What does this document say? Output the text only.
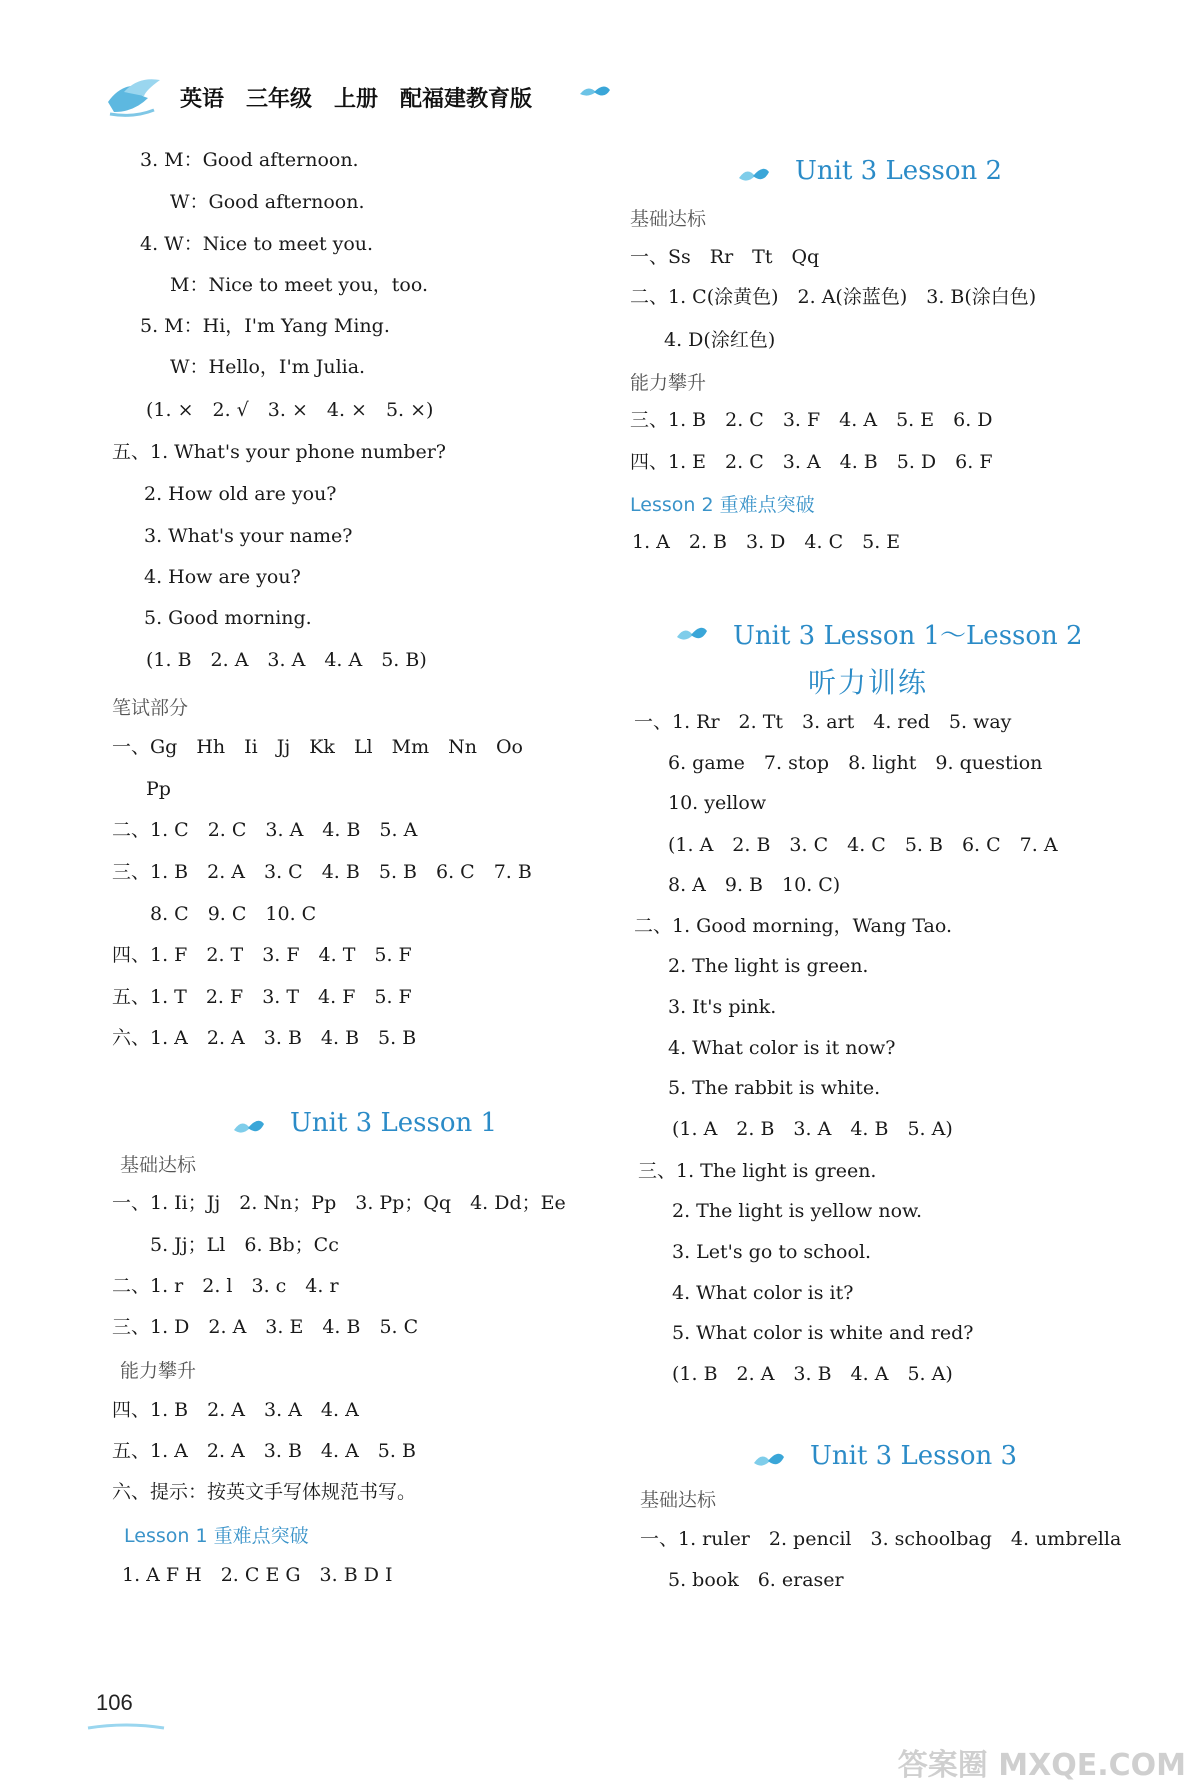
英语　三年级　上册　配福建教育版
3. M：Good afternoon.
W：Good afternoon.
4. W：Nice to meet you.
M：Nice to meet you，too.
5. M：Hi，I'm Yang Ming.
W：Hello，I'm Julia.
(1. ×　2. √　3. ×　4. ×　5. ×)
五、1. What's your phone number?
2. How old are you?
3. What's your name?
4. How are you?
5. Good morning.
(1. B　2. A　3. A　4. A　5. B)
一、Gg　Hh　Ii　Jj　Kk　Ll　Mm　Nn　Oo
Pp
二、1. C　2. C　3. A　4. B　5. A
三、1. B　2. A　3. C　4. B　5. B　6. C　7. B
8. C　9. C　10. C
四、1. F　2. T　3. F　4. T　5. F
五、1. T　2. F　3. T　4. F　5. F
六、1. A　2. A　3. B　4. B　5. B
一、1. Ii；Jj　2. Nn；Pp　3. Pp；Qq　4. Dd；Ee
5. Jj；Ll　6. Bb；Cc
二、1. r　2. l　3. c　4. r
三、1. D　2. A　3. E　4. B　5. C
四、1. B　2. A　3. A　4. A
五、1. A　2. A　3. B　4. A　5. B
六、提示：按英文手写体规范书写。
1. A F H　2. C E G　3. B D I
一、Ss　Rr　Tt　Qq
二、1. C(涂黄色)　2. A(涂蓝色)　3. B(涂白色)
4. D(涂红色)
三、1. B　2. C　3. F　4. A　5. E　6. D
四、1. E　2. C　3. A　4. B　5. D　6. F
1. A　2. B　3. D　4. C　5. E
一、1. Rr　2. Tt　3. art　4. red　5. way
6. game　7. stop　8. light　9. question
10. yellow
(1. A　2. B　3. C　4. C　5. B　6. C　7. A
8. A　9. B　10. C)
二、1. Good morning，Wang Tao.
2. The light is green.
3. It's pink.
4. What color is it now?
5. The rabbit is white.
(1. A　2. B　3. A　4. B　5. A)
三、1. The light is green.
2. The light is yellow now.
3. Let's go to school.
4. What color is it?
5. What color is white and red?
(1. B　2. A　3. B　4. A　5. A)
一、1. ruler　2. pencil　3. schoolbag　4. umbrella
5. book　6. eraser
笔试部分
基础达标
能力攀升
基础达标
能力攀升
基础达标
Lesson 1 重难点突破
Lesson 2 重难点突破
Unit 3 Lesson 1
Unit 3 Lesson 2
Unit 3 Lesson 1～Lesson 2
Unit 3 Lesson 3
听力训练
106
答案圈 MXQE.COM
